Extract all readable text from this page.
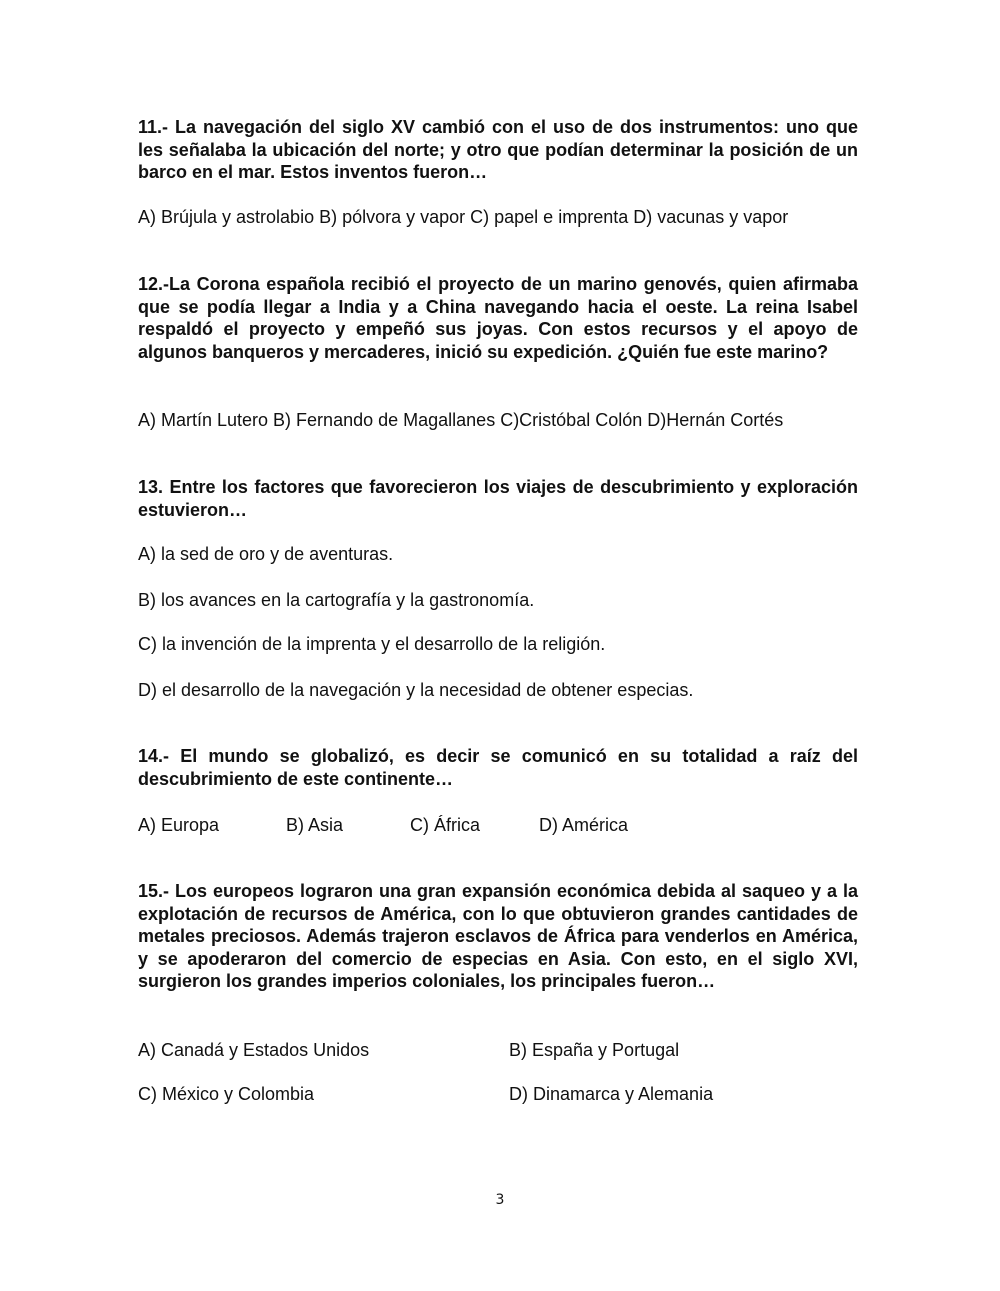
11.- La navegación del siglo XV cambió con el uso de dos instrumentos: uno que les señalaba la ubicación del norte; y otro que podían determinar la posición de un barco en el mar. Estos inventos fueron…

A) Brújula y astrolabio B) pólvora y vapor C) papel e imprenta D) vacunas y vapor

12.-La Corona española recibió el proyecto de un marino genovés, quien afirmaba que se podía llegar a India y a China navegando hacia el oeste. La reina Isabel respaldó el proyecto y empeñó sus joyas. Con estos recursos y el apoyo de algunos banqueros y mercaderes, inició su expedición. ¿Quién fue este marino?

A) Martín Lutero B) Fernando de Magallanes C)Cristóbal Colón D)Hernán Cortés

13. Entre los factores que favorecieron los viajes de descubrimiento y exploración estuvieron…

A) la sed de oro y de aventuras.

B) los avances en la cartografía y la gastronomía.

C) la invención de la imprenta y el desarrollo de la religión.

D) el desarrollo de la navegación y la necesidad de obtener especias.

14.- El mundo se globalizó, es decir se comunicó en su totalidad a raíz del descubrimiento de este continente…

A) Europa	B) Asia	C) África	D) América

15.- Los europeos lograron una gran expansión económica debida al saqueo y a la explotación de recursos de América, con lo que obtuvieron grandes cantidades de metales preciosos. Además trajeron esclavos de África para venderlos en América, y se apoderaron del comercio de especias en Asia. Con esto, en el siglo XVI, surgieron los grandes imperios coloniales, los principales fueron…

A) Canadá y Estados Unidos	B) España y Portugal

C) México y Colombia	D) Dinamarca y Alemania

3
